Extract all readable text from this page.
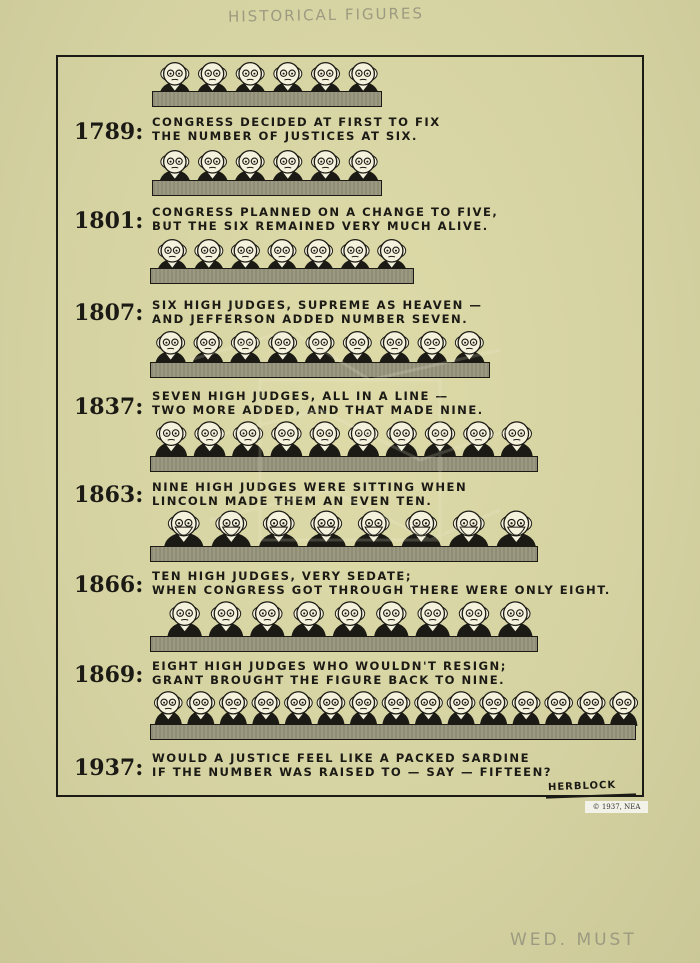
HISTORICAL FIGURES
1789: CONGRESS DECIDED AT FIRST TO FIX
THE NUMBER OF JUSTICES AT SIX.
1801: CONGRESS PLANNED ON A CHANGE TO FIVE,
BUT THE SIX REMAINED VERY MUCH ALIVE.
1807: SIX HIGH JUDGES, SUPREME AS HEAVEN —
AND JEFFERSON ADDED NUMBER SEVEN.
1837: SEVEN HIGH JUDGES, ALL IN A LINE —
TWO MORE ADDED, AND THAT MADE NINE.
1863: NINE HIGH JUDGES WERE SITTING WHEN
LINCOLN MADE THEM AN EVEN TEN.
1866: TEN HIGH JUDGES, VERY SEDATE;
WHEN CONGRESS GOT THROUGH THERE WERE ONLY EIGHT.
1869: EIGHT HIGH JUDGES WHO WOULDN'T RESIGN;
GRANT BROUGHT THE FIGURE BACK TO NINE.
1937: WOULD A JUSTICE FEEL LIKE A PACKED SARDINE
IF THE NUMBER WAS RAISED TO — SAY — FIFTEEN?
HERBLOCK
© 1937, NEA
WED. MUST
